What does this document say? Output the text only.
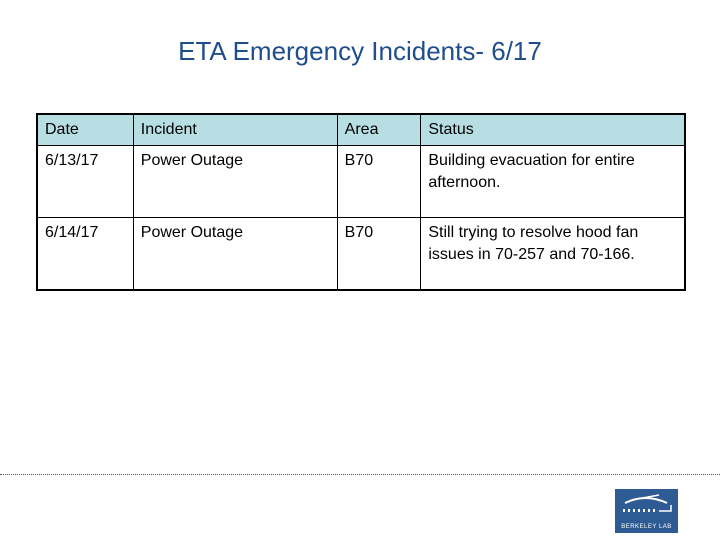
ETA Emergency Incidents- 6/17
Date	Incident	Area	Status
6/13/17	Power Outage	B70	Building evacuation for entire afternoon.
6/14/17	Power Outage	B70	Still trying to resolve hood fan issues in 70-257 and 70-166.
BERKELEY LAB
